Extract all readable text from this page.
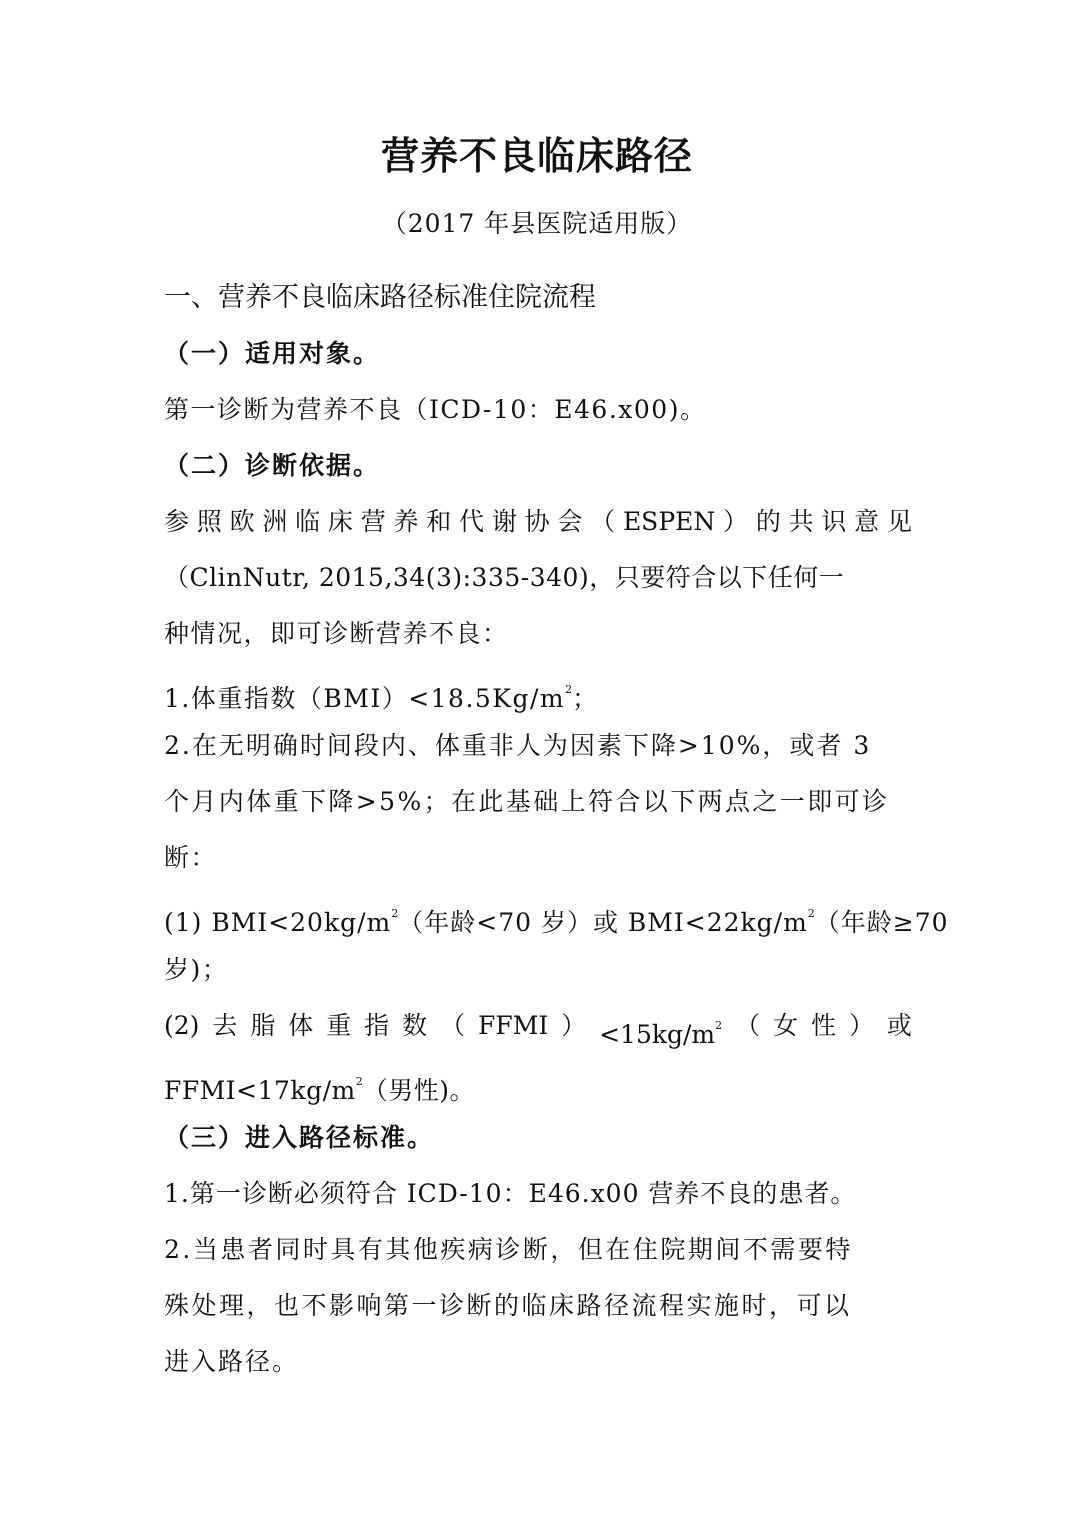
营养不良临床路径
（2017 年县医院适用版）
一、营养不良临床路径标准住院流程
（一）适用对象。
第一诊断为营养不良（ICD-10：E46.x00)。
（二）诊断依据。
参 照 欧 洲 临 床 营 养 和 代 谢 协 会 （ ESPEN ） 的 共 识 意 见
（ClinNutr, 2015,34(3):335-340)，只要符合以下任何一
种情况，即可诊断营养不良：
1.体重指数$(BMI)<18.5Kg/m^2$；
2.在无明确时间段内、体重非人为因素下降>10%，或者 3
个月内体重下降>5%；在此基础上符合以下两点之一即可诊
断：
(1) $BMI<20kg/m^2$（年龄<70 岁）或 $BMI<22kg/m^2$（年龄≥70
岁)；
(2) 去 脂 体 重 指 数 （ FFMI ） $<15kg/m^2$ （ 女 性 ） 或
$FFMI<17kg/m^2$（男性)。
（三）进入路径标准。
1.第一诊断必须符合 ICD-10：E46.x00 营养不良的患者。
2.当患者同时具有其他疾病诊断，但在住院期间不需要特
殊处理，也不影响第一诊断的临床路径流程实施时，可以
进入路径。
